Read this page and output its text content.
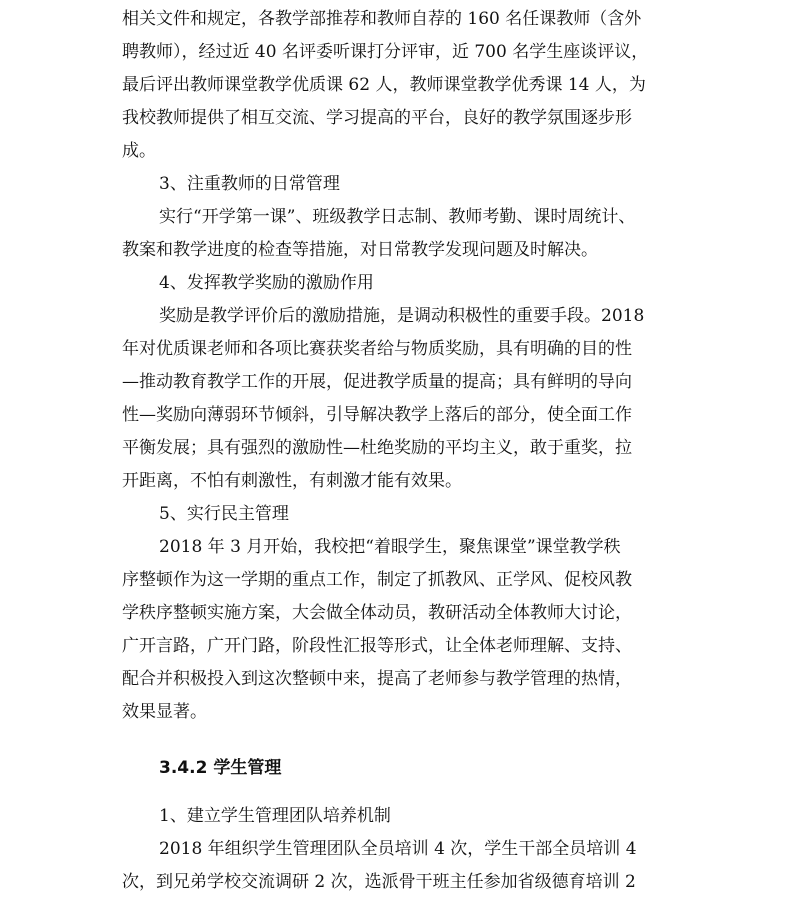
相关文件和规定，各教学部推荐和教师自荐的 160 名任课教师（含外
聘教师），经过近 40 名评委听课打分评审，近 700 名学生座谈评议，
最后评出教师课堂教学优质课 62 人，教师课堂教学优秀课 14 人，为
我校教师提供了相互交流、学习提高的平台，良好的教学氛围逐步形
成。
3、注重教师的日常管理
实行“开学第一课”、班级教学日志制、教师考勤、课时周统计、
教案和教学进度的检查等措施，对日常教学发现问题及时解决。
4、发挥教学奖励的激励作用
奖励是教学评价后的激励措施，是调动积极性的重要手段。2018
年对优质课老师和各项比赛获奖者给与物质奖励，具有明确的目的性
—推动教育教学工作的开展，促进教学质量的提高；具有鲜明的导向
性—奖励向薄弱环节倾斜，引导解决教学上落后的部分，使全面工作
平衡发展；具有强烈的激励性—杜绝奖励的平均主义，敢于重奖，拉
开距离，不怕有刺激性，有刺激才能有效果。
5、实行民主管理
2018 年 3 月开始，我校把“着眼学生，聚焦课堂”课堂教学秩
序整顿作为这一学期的重点工作，制定了抓教风、正学风、促校风教
学秩序整顿实施方案，大会做全体动员，教研活动全体教师大讨论，
广开言路，广开门路，阶段性汇报等形式，让全体老师理解、支持、
配合并积极投入到这次整顿中来，提高了老师参与教学管理的热情，
效果显著。
3.4.2 学生管理
1、建立学生管理团队培养机制
2018 年组织学生管理团队全员培训 4 次，学生干部全员培训 4
次，到兄弟学校交流调研 2 次，选派骨干班主任参加省级德育培训 2
